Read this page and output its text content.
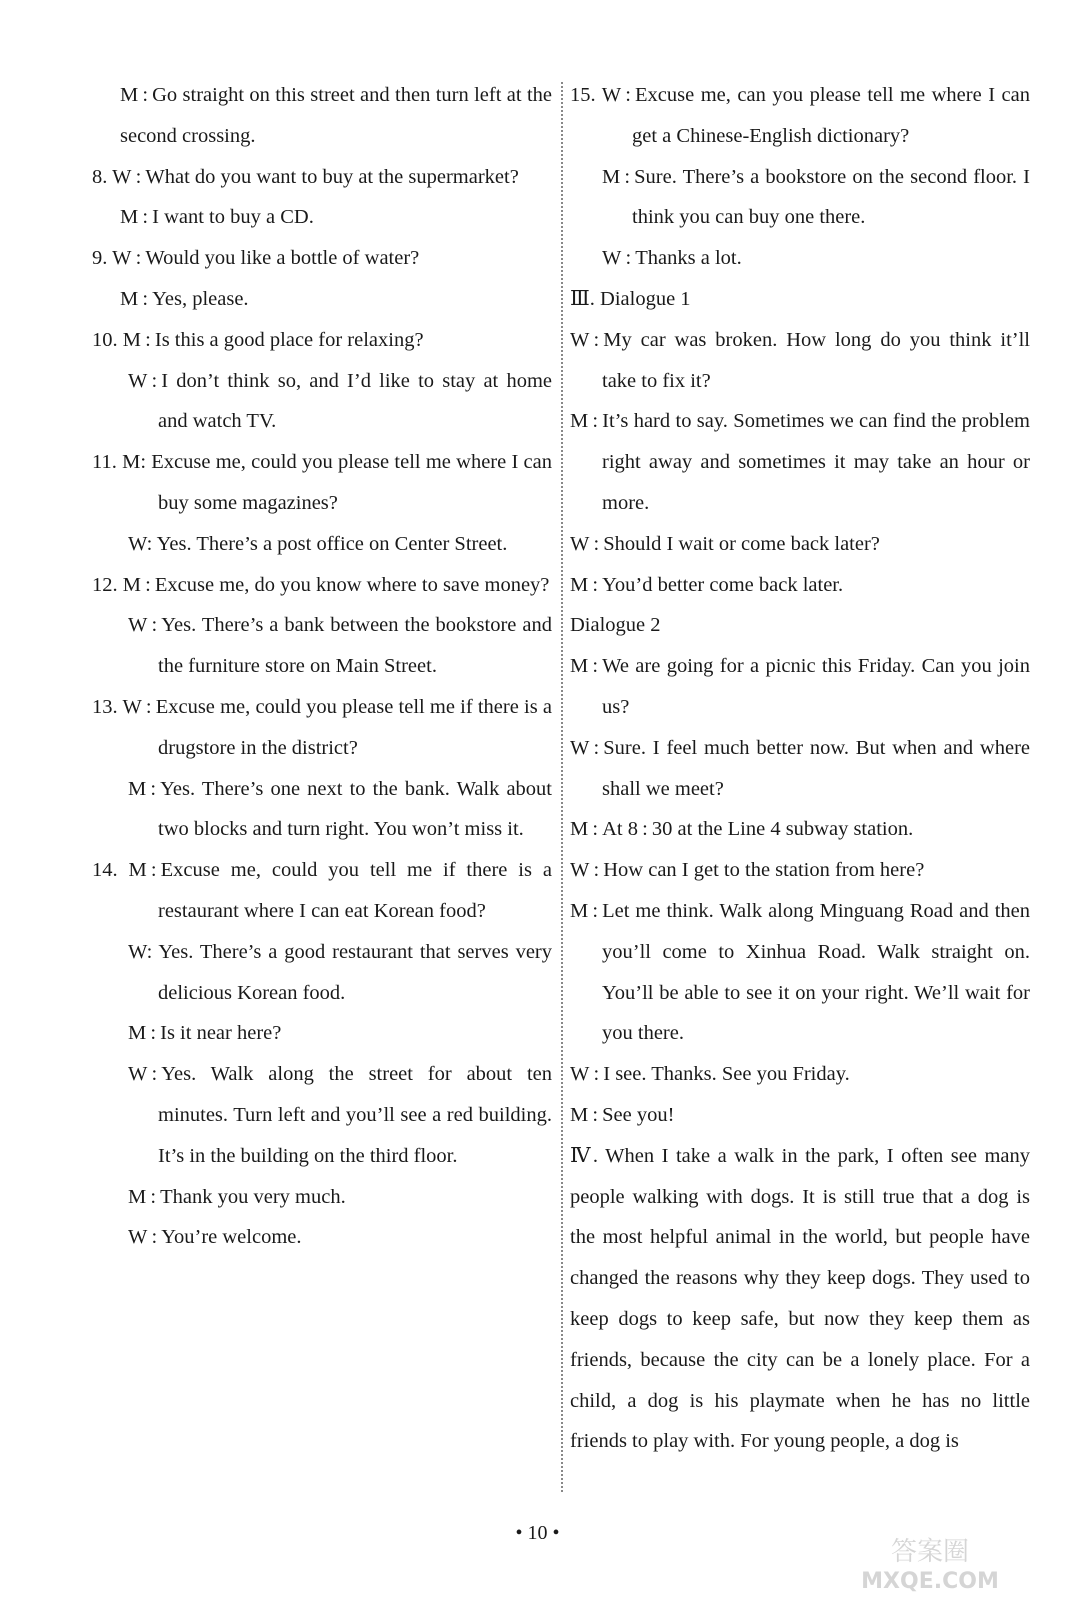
M : Go straight on this street and then turn left at the second crossing.
8. W : What do you want to buy at the supermarket?
M : I want to buy a CD.
9. W : Would you like a bottle of water?
M : Yes, please.
10. M : Is this a good place for relaxing?
W : I don’t think so, and I’d like to stay at home and watch TV.
11. M: Excuse me, could you please tell me where I can buy some magazines?
W: Yes. There’s a post office on Center Street.
12. M : Excuse me, do you know where to save money?
W : Yes. There’s a bank between the bookstore and the furniture store on Main Street.
13. W : Excuse me, could you please tell me if there is a drugstore in the district?
M : Yes. There’s one next to the bank. Walk about two blocks and turn right. You won’t miss it.
14. M : Excuse me, could you tell me if there is a restaurant where I can eat Korean food?
W: Yes. There’s a good restaurant that serves very delicious Korean food.
M : Is it near here?
W : Yes. Walk along the street for about ten minutes. Turn left and you’ll see a red building. It’s in the building on the third floor.
M : Thank you very much.
W : You’re welcome.
15. W : Excuse me, can you please tell me where I can get a Chinese-English dictionary?
M : Sure. There’s a bookstore on the second floor. I think you can buy one there.
W : Thanks a lot.
Ⅲ. Dialogue 1
W : My car was broken. How long do you think it’ll take to fix it?
M : It’s hard to say. Sometimes we can find the problem right away and sometimes it may take an hour or more.
W : Should I wait or come back later?
M : You’d better come back later.
Dialogue 2
M : We are going for a picnic this Friday. Can you join us?
W : Sure. I feel much better now. But when and where shall we meet?
M : At 8 : 30 at the Line 4 subway station.
W : How can I get to the station from here?
M : Let me think. Walk along Minguang Road and then you’ll come to Xinhua Road. Walk straight on. You’ll be able to see it on your right. We’ll wait for you there.
W : I see. Thanks. See you Friday.
M : See you!
Ⅳ. When I take a walk in the park, I often see many people walking with dogs. It is still true that a dog is the most helpful animal in the world, but people have changed the reasons why they keep dogs. They used to keep dogs to keep safe, but now they keep them as friends, because the city can be a lonely place. For a child, a dog is his playmate when he has no little friends to play with. For young people, a dog is
• 10 •
答案圈
MXQE.COM
